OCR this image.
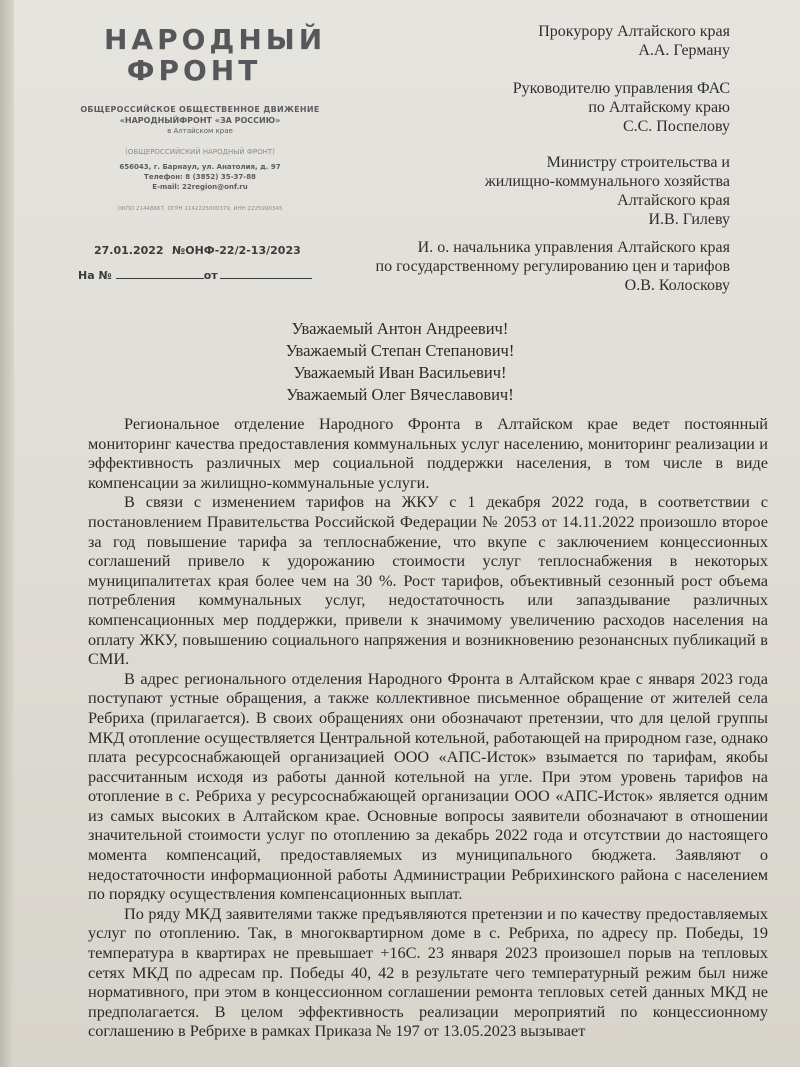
НАРОДНЫЙ
ФРОНТ
ОБЩЕРОССИЙСКОЕ ОБЩЕСТВЕННОЕ ДВИЖЕНИЕ
«НАРОДНЫЙФРОНТ «ЗА РОССИЮ»
в Алтайском крае
(ОБЩЕРОССИЙСКИЙ НАРОДНЫЙ ФРОНТ)
656043, г. Барнаул, ул. Анатолия, д. 97
Телефон: 8 (3852) 35-37-88
E-mail: 22region@onf.ru
ОКПО 21448667, ОГРН 1142225000379, ИНН 2225990345
27.01.2022 №ОНФ-22/2-13/2023
На №	от
Прокурору Алтайского края
А.А. Герману
Руководителю управления ФАС
по Алтайскому краю
С.С. Поспелову
Министру строительства и
жилищно-коммунального хозяйства
Алтайского края
И.В. Гилеву
И. о. начальника управления Алтайского края
по государственному регулированию цен и тарифов
О.В. Колоскову
Уважаемый Антон Андреевич!
Уважаемый Степан Степанович!
Уважаемый Иван Васильевич!
Уважаемый Олег Вячеславович!

Региональное отделение Народного Фронта в Алтайском крае ведет постоянный мониторинг качества предоставления коммунальных услуг населению, мониторинг реализации и эффективность различных мер социальной поддержки населения, в том числе в виде компенсации за жилищно-коммунальные услуги.

В связи с изменением тарифов на ЖКУ с 1 декабря 2022 года, в соответствии с постановлением Правительства Российской Федерации № 2053 от 14.11.2022 произошло второе за год повышение тарифа за теплоснабжение, что вкупе с заключением концессионных соглашений привело к удорожанию стоимости услуг теплоснабжения в некоторых муниципалитетах края более чем на 30 %. Рост тарифов, объективный сезонный рост объема потребления коммунальных услуг, недостаточность или запаздывание различных компенсационных мер поддержки, привели к значимому увеличению расходов населения на оплату ЖКУ, повышению социального напряжения и возникновению резонансных публикаций в СМИ.

В адрес регионального отделения Народного Фронта в Алтайском крае с января 2023 года поступают устные обращения, а также коллективное письменное обращение от жителей села Ребриха (прилагается). В своих обращениях они обозначают претензии, что для целой группы МКД отопление осуществляется Центральной котельной, работающей на природном газе, однако плата ресурсоснабжающей организацией ООО «АПС-Исток» взымается по тарифам, якобы рассчитанным исходя из работы данной котельной на угле. При этом уровень тарифов на отопление в с. Ребриха у ресурсоснабжающей организации ООО «АПС-Исток» является одним из самых высоких в Алтайском крае. Основные вопросы заявители обозначают в отношении значительной стоимости услуг по отоплению за декабрь 2022 года и отсутствии до настоящего момента компенсаций, предоставляемых из муниципального бюджета. Заявляют о недостаточности информационной работы Администрации Ребрихинского района с населением по порядку осуществления компенсационных выплат.

По ряду МКД заявителями также предъявляются претензии и по качеству предоставляемых услуг по отоплению. Так, в многоквартирном доме в с. Ребриха, по адресу пр. Победы, 19 температура в квартирах не превышает +16С. 23 января 2023 произошел порыв на тепловых сетях МКД по адресам пр. Победы 40, 42 в результате чего температурный режим был ниже нормативного, при этом в концессионном соглашении ремонта тепловых сетей данных МКД не предполагается. В целом эффективность реализации мероприятий по концессионному соглашению в Ребрихе в рамках Приказа № 197 от 13.05.2023 вызывает
